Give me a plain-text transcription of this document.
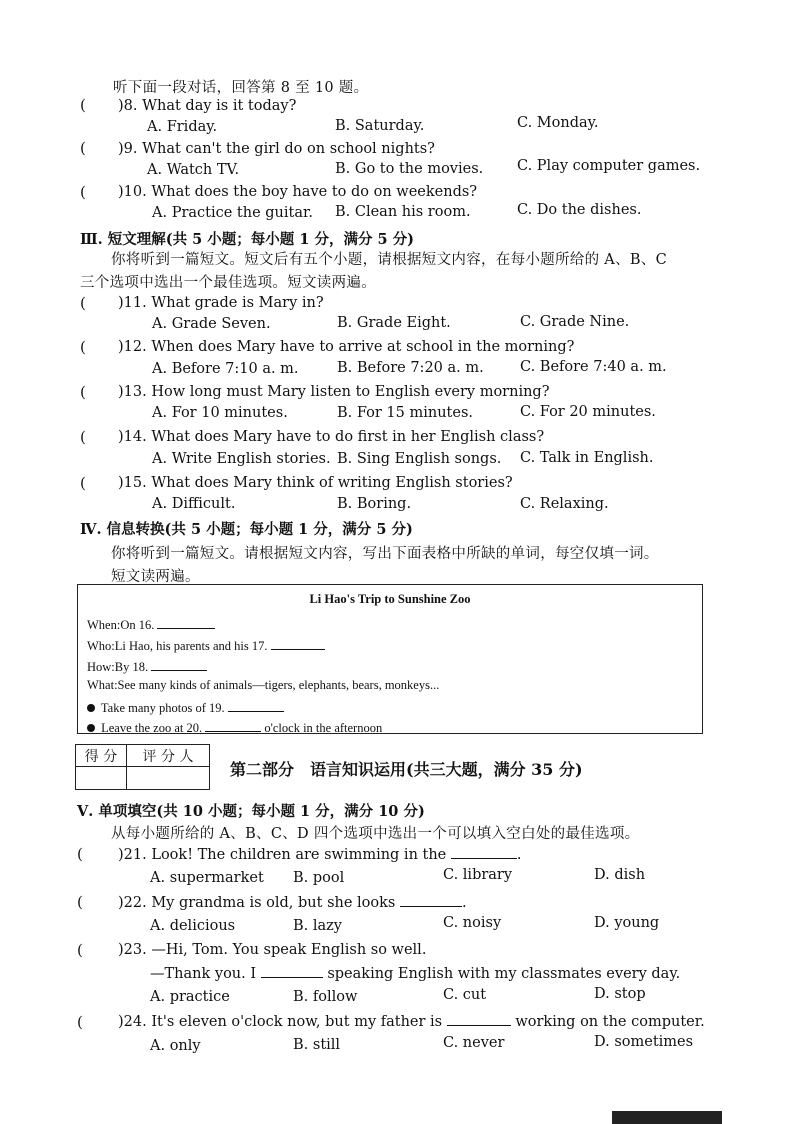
听下面一段对话，回答第 8 至 10 题。
( )8. What day is it today?
A. Friday.	B. Saturday.	C. Monday.
( )9. What can't the girl do on school nights?
A. Watch TV.	B. Go to the movies. C. Play computer games.
( )10. What does the boy have to do on weekends?
A. Practice the guitar. B. Clean his room.	C. Do the dishes.
Ⅲ. 短文理解(共 5 小题；每小题 1 分，满分 5 分)
你将听到一篇短文。短文后有五个小题，请根据短文内容，在每小题所给的 A、B、C
三个选项中选出一个最佳选项。短文读两遍。
( )11. What grade is Mary in?
A. Grade Seven.	B. Grade Eight.	C. Grade Nine.
( )12. When does Mary have to arrive at school in the morning?
A. Before 7:10 a. m.	B. Before 7:20 a. m.	C. Before 7:40 a. m.
( )13. How long must Mary listen to English every morning?
A. For 10 minutes.	B. For 15 minutes.	C. For 20 minutes.
( )14. What does Mary have to do first in her English class?
A. Write English stories. B. Sing English songs. C. Talk in English.
( )15. What does Mary think of writing English stories?
A. Difficult.	B. Boring.	C. Relaxing.
Ⅳ. 信息转换(共 5 小题；每小题 1 分，满分 5 分)
你将听到一篇短文。请根据短文内容，写出下面表格中所缺的单词，每空仅填一词。
短文读两遍。
Li Hao's Trip to Sunshine Zoo
When:On 16.
Who:Li Hao, his parents and his 17.
How:By 18.
What:See many kinds of animals—tigers, elephants, bears, monkeys...
Take many photos of 19.
Leave the zoo at 20.	o'clock in the afternoon
得 分	评 分 人

第二部分　语言知识运用(共三大题，满分 35 分)
Ⅴ. 单项填空(共 10 小题；每小题 1 分，满分 10 分)
从每小题所给的 A、B、C、D 四个选项中选出一个可以填入空白处的最佳选项。
( )21. Look! The children are swimming in the	.
A. supermarket B. pool	C. library	D. dish
( )22. My grandma is old, but she looks	.
A. delicious	B. lazy	C. noisy	D. young
( )23. —Hi, Tom. You speak English so well.
—Thank you. I	speaking English with my classmates every day.
A. practice	B. follow	C. cut	D. stop
( )24. It's eleven o'clock now, but my father is	working on the computer.
A. only	B. still	C. never	D. sometimes
